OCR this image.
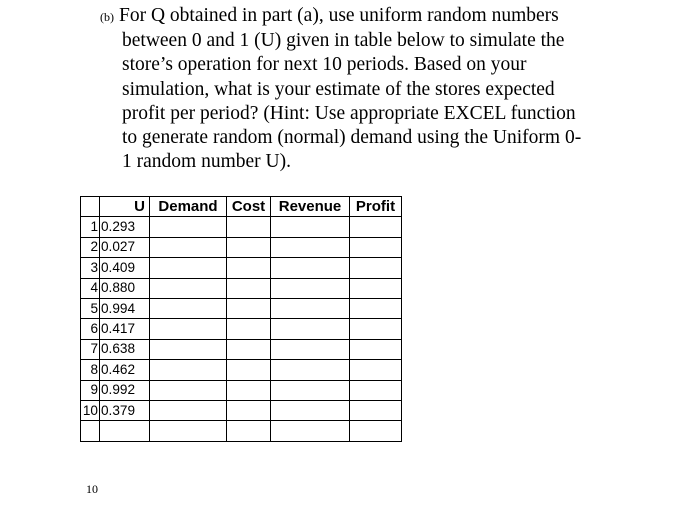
(b) For Q obtained in part (a), use uniform random numbers
between 0 and 1 (U) given in table below to simulate the
store’s operation for next 10 periods. Based on your
simulation, what is your estimate of the stores expected
profit per period? (Hint: Use appropriate EXCEL function
to generate random (normal) demand using the Uniform 0-
1 random number U).
	U	Demand	Cost	Revenue	Profit
1	0.293				
2	0.027				
3	0.409				
4	0.880				
5	0.994				
6	0.417				
7	0.638				
8	0.462				
9	0.992				
10	0.379				

10
